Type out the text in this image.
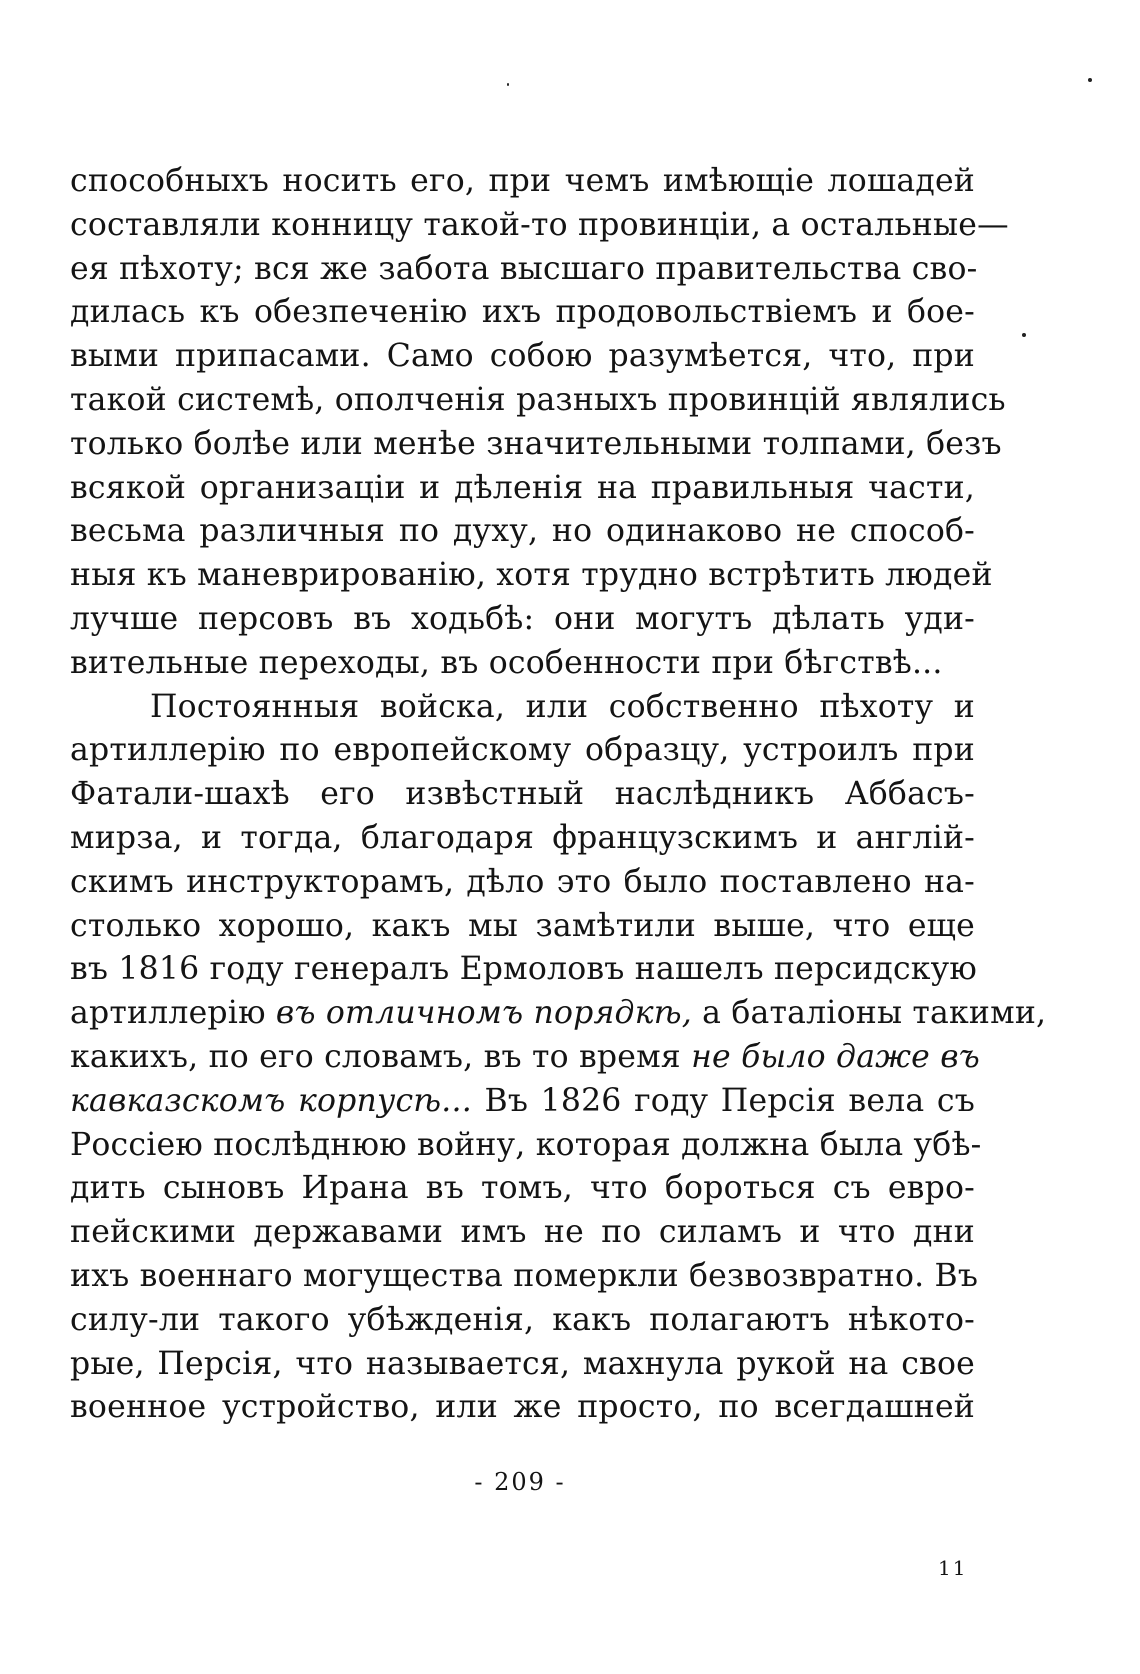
способныхъ носить его, при чемъ имѣющіе лошадей
составляли конницу такой-то провинціи, а остальные—
ея пѣхоту; вся же забота высшаго правительства сво-
дилась къ обезпеченію ихъ продовольствіемъ и бое-
выми припасами. Само собою разумѣется, что, при
такой системѣ, ополченія разныхъ провинцій являлись
только болѣе или менѣе значительными толпами, безъ
всякой организаціи и дѣленія на правильныя части,
весьма различныя по духу, но одинаково не способ-
ныя къ маневрированію, хотя трудно встрѣтить людей
лучше персовъ въ ходьбѣ: они могутъ дѣлать уди-
вительные переходы, въ особенности при бѣгствѣ...
Постоянныя войска, или собственно пѣхоту и
артиллерію по европейскому образцу, устроилъ при
Фатали-шахѣ его извѣстный наслѣдникъ Аббасъ-
мирза, и тогда, благодаря французскимъ и англій-
скимъ инструкторамъ, дѣло это было поставлено на-
столько хорошо, какъ мы замѣтили выше, что еще
въ 1816 году генералъ Ермоловъ нашелъ персидскую
артиллерію въ отличномъ порядкѣ, а баталіоны такими,
какихъ, по его словамъ, въ то время не было даже въ
кавказскомъ корпусѣ... Въ 1826 году Персія вела съ
Россіею послѣднюю войну, которая должна была убѣ-
дить сыновъ Ирана въ томъ, что бороться съ евро-
пейскими державами имъ не по силамъ и что дни
ихъ военнаго могущества померкли безвозвратно. Въ
силу-ли такого убѣжденія, какъ полагаютъ нѣкото-
рые, Персія, что называется, махнула рукой на свое
военное устройство, или же просто, по всегдашней
- 209 -
11
